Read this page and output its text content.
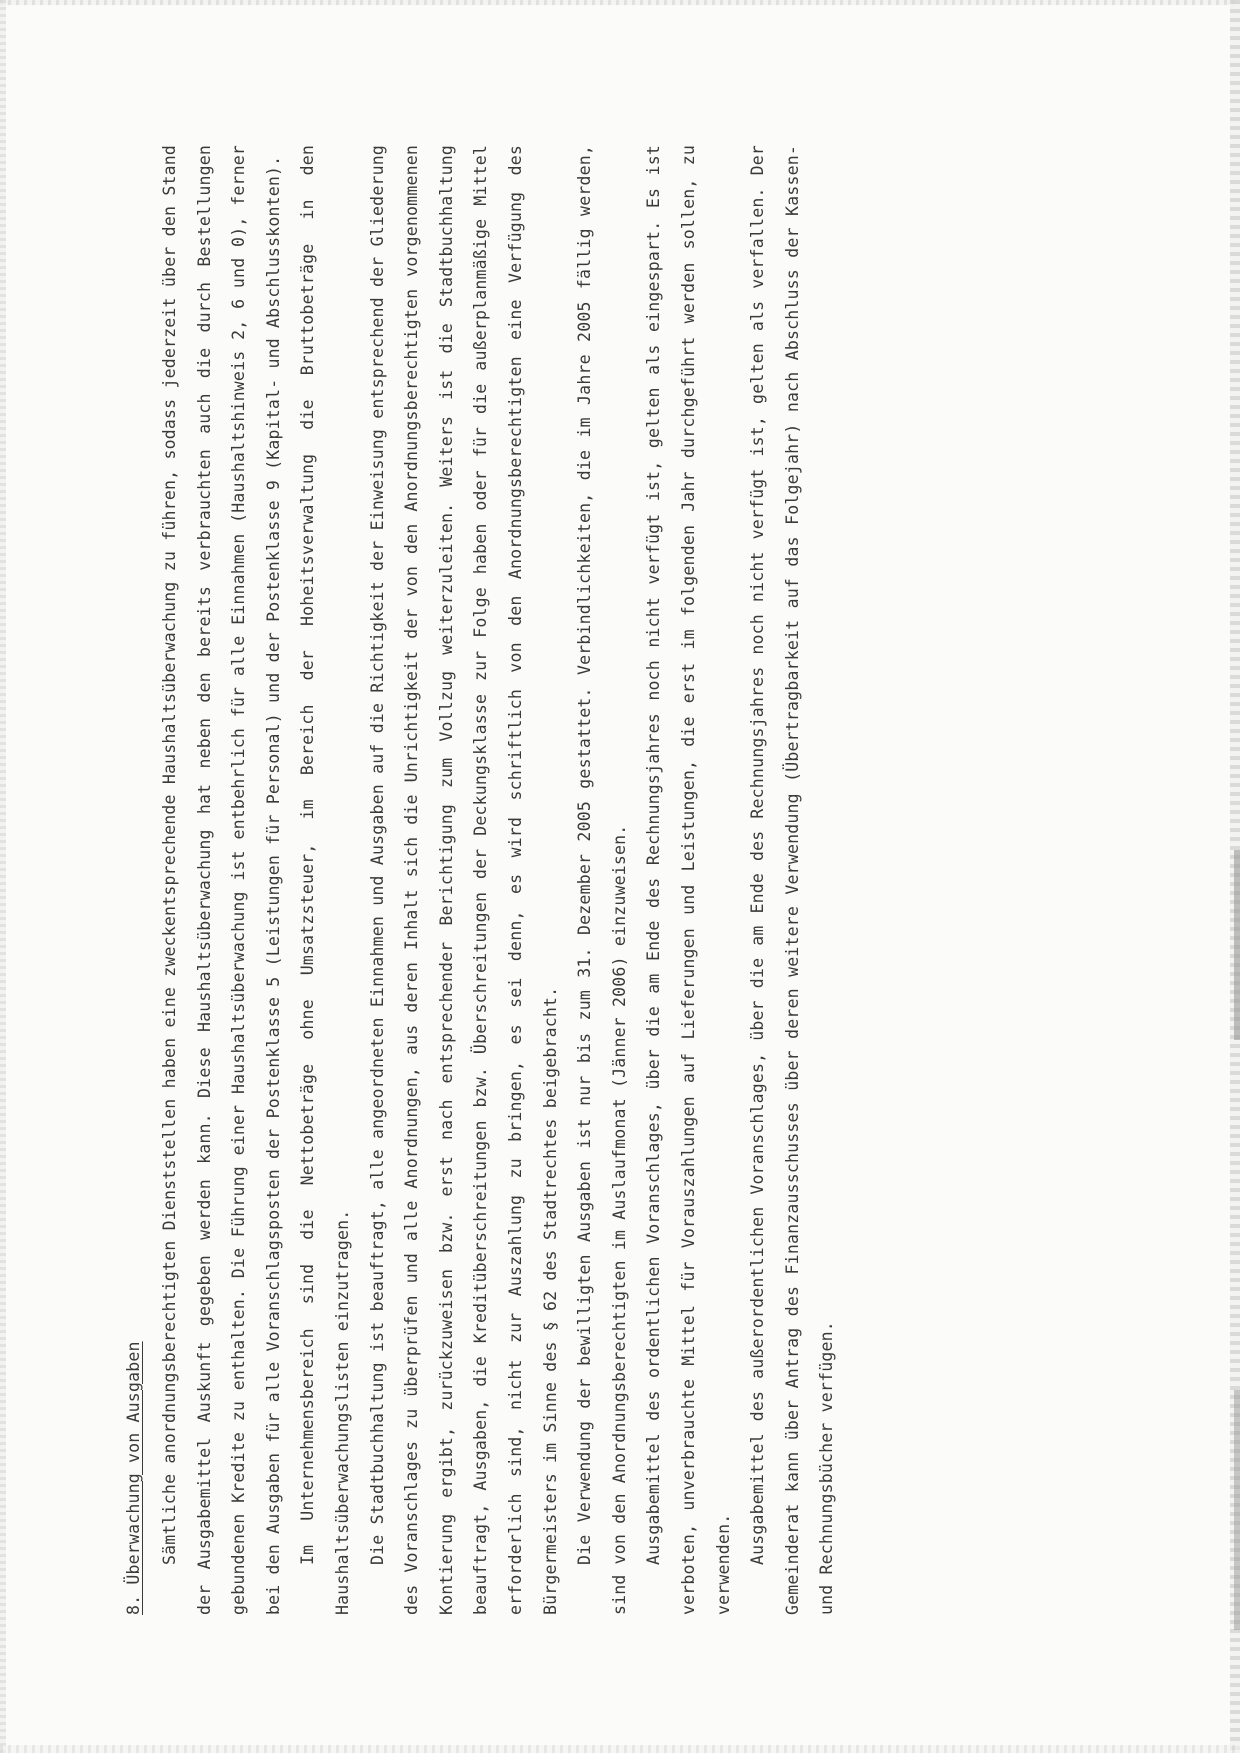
8. Überwachung von Ausgaben	Sämtliche anordnungsberechtigten Dienststellen haben eine zweckentsprechende Haushaltsüberwachung zu führen, sodass jederzeit über den Stand der Ausgabemittel Auskunft gegeben werden kann. Diese Haushaltsüberwachung hat neben den bereits verbrauchten auch die durch Bestellungen gebundenen Kredite zu enthalten. Die Führung einer Haushaltsüberwachung ist entbehrlich für alle Einnahmen (Haushaltshinweis 2, 6 und 0), ferner bei den Ausgaben für alle Voranschlagsposten der Postenklasse 5 (Leistungen für Personal) und der Postenklasse 9 (Kapital- und Abschlusskonten). Im Unternehmensbereich sind die Nettobeträge ohne Umsatzsteuer, im Bereich der Hoheitsverwaltung die Bruttobeträge in den Haushaltsüberwachungslisten einzutragen. Die Stadtbuchhaltung ist beauftragt, alle angeordneten Einnahmen und Ausgaben auf die Richtigkeit der Einweisung entsprechend der Gliederung des Voranschlages zu überprüfen und alle Anordnungen, aus deren Inhalt sich die Unrichtigkeit der von den Anordnungsberechtigten vorgenommenen Kontierung ergibt, zurückzuweisen bzw. erst nach entsprechender Berichtigung zum Vollzug weiterzuleiten. Weiters ist die Stadtbuchhaltung beauftragt, Ausgaben, die Kreditüberschreitungen bzw. Überschreitungen der Deckungsklasse zur Folge haben oder für die außerplanmäßige Mittel erforderlich sind, nicht zur Auszahlung zu bringen, es sei denn, es wird schriftlich von den Anordnungsberechtigten eine Verfügung des Bürgermeisters im Sinne des § 62 des Stadtrechtes beigebracht. Die Verwendung der bewilligten Ausgaben ist nur bis zum 31. Dezember 2005 gestattet. Verbindlichkeiten, die im Jahre 2005 fällig werden, sind von den Anordnungsberechtigten im Auslaufmonat (Jänner 2006) einzuweisen. Ausgabemittel des ordentlichen Voranschlages, über die am Ende des Rechnungsjahres noch nicht verfügt ist, gelten als eingespart. Es ist verboten, unverbrauchte Mittel für Vorauszahlungen auf Lieferungen und Leistungen, die erst im folgenden Jahr durchgeführt werden sollen, zu verwenden. Ausgabemittel des außerordentlichen Voranschlages, über die am Ende des Rechnungsjahres noch nicht verfügt ist, gelten als verfallen. Der Gemeinderat kann über Antrag des Finanzausschusses über deren weitere Verwendung (Übertragbarkeit auf das Folgejahr) nach Abschluss der Kassen- und Rechnungsbücher verfügen.
